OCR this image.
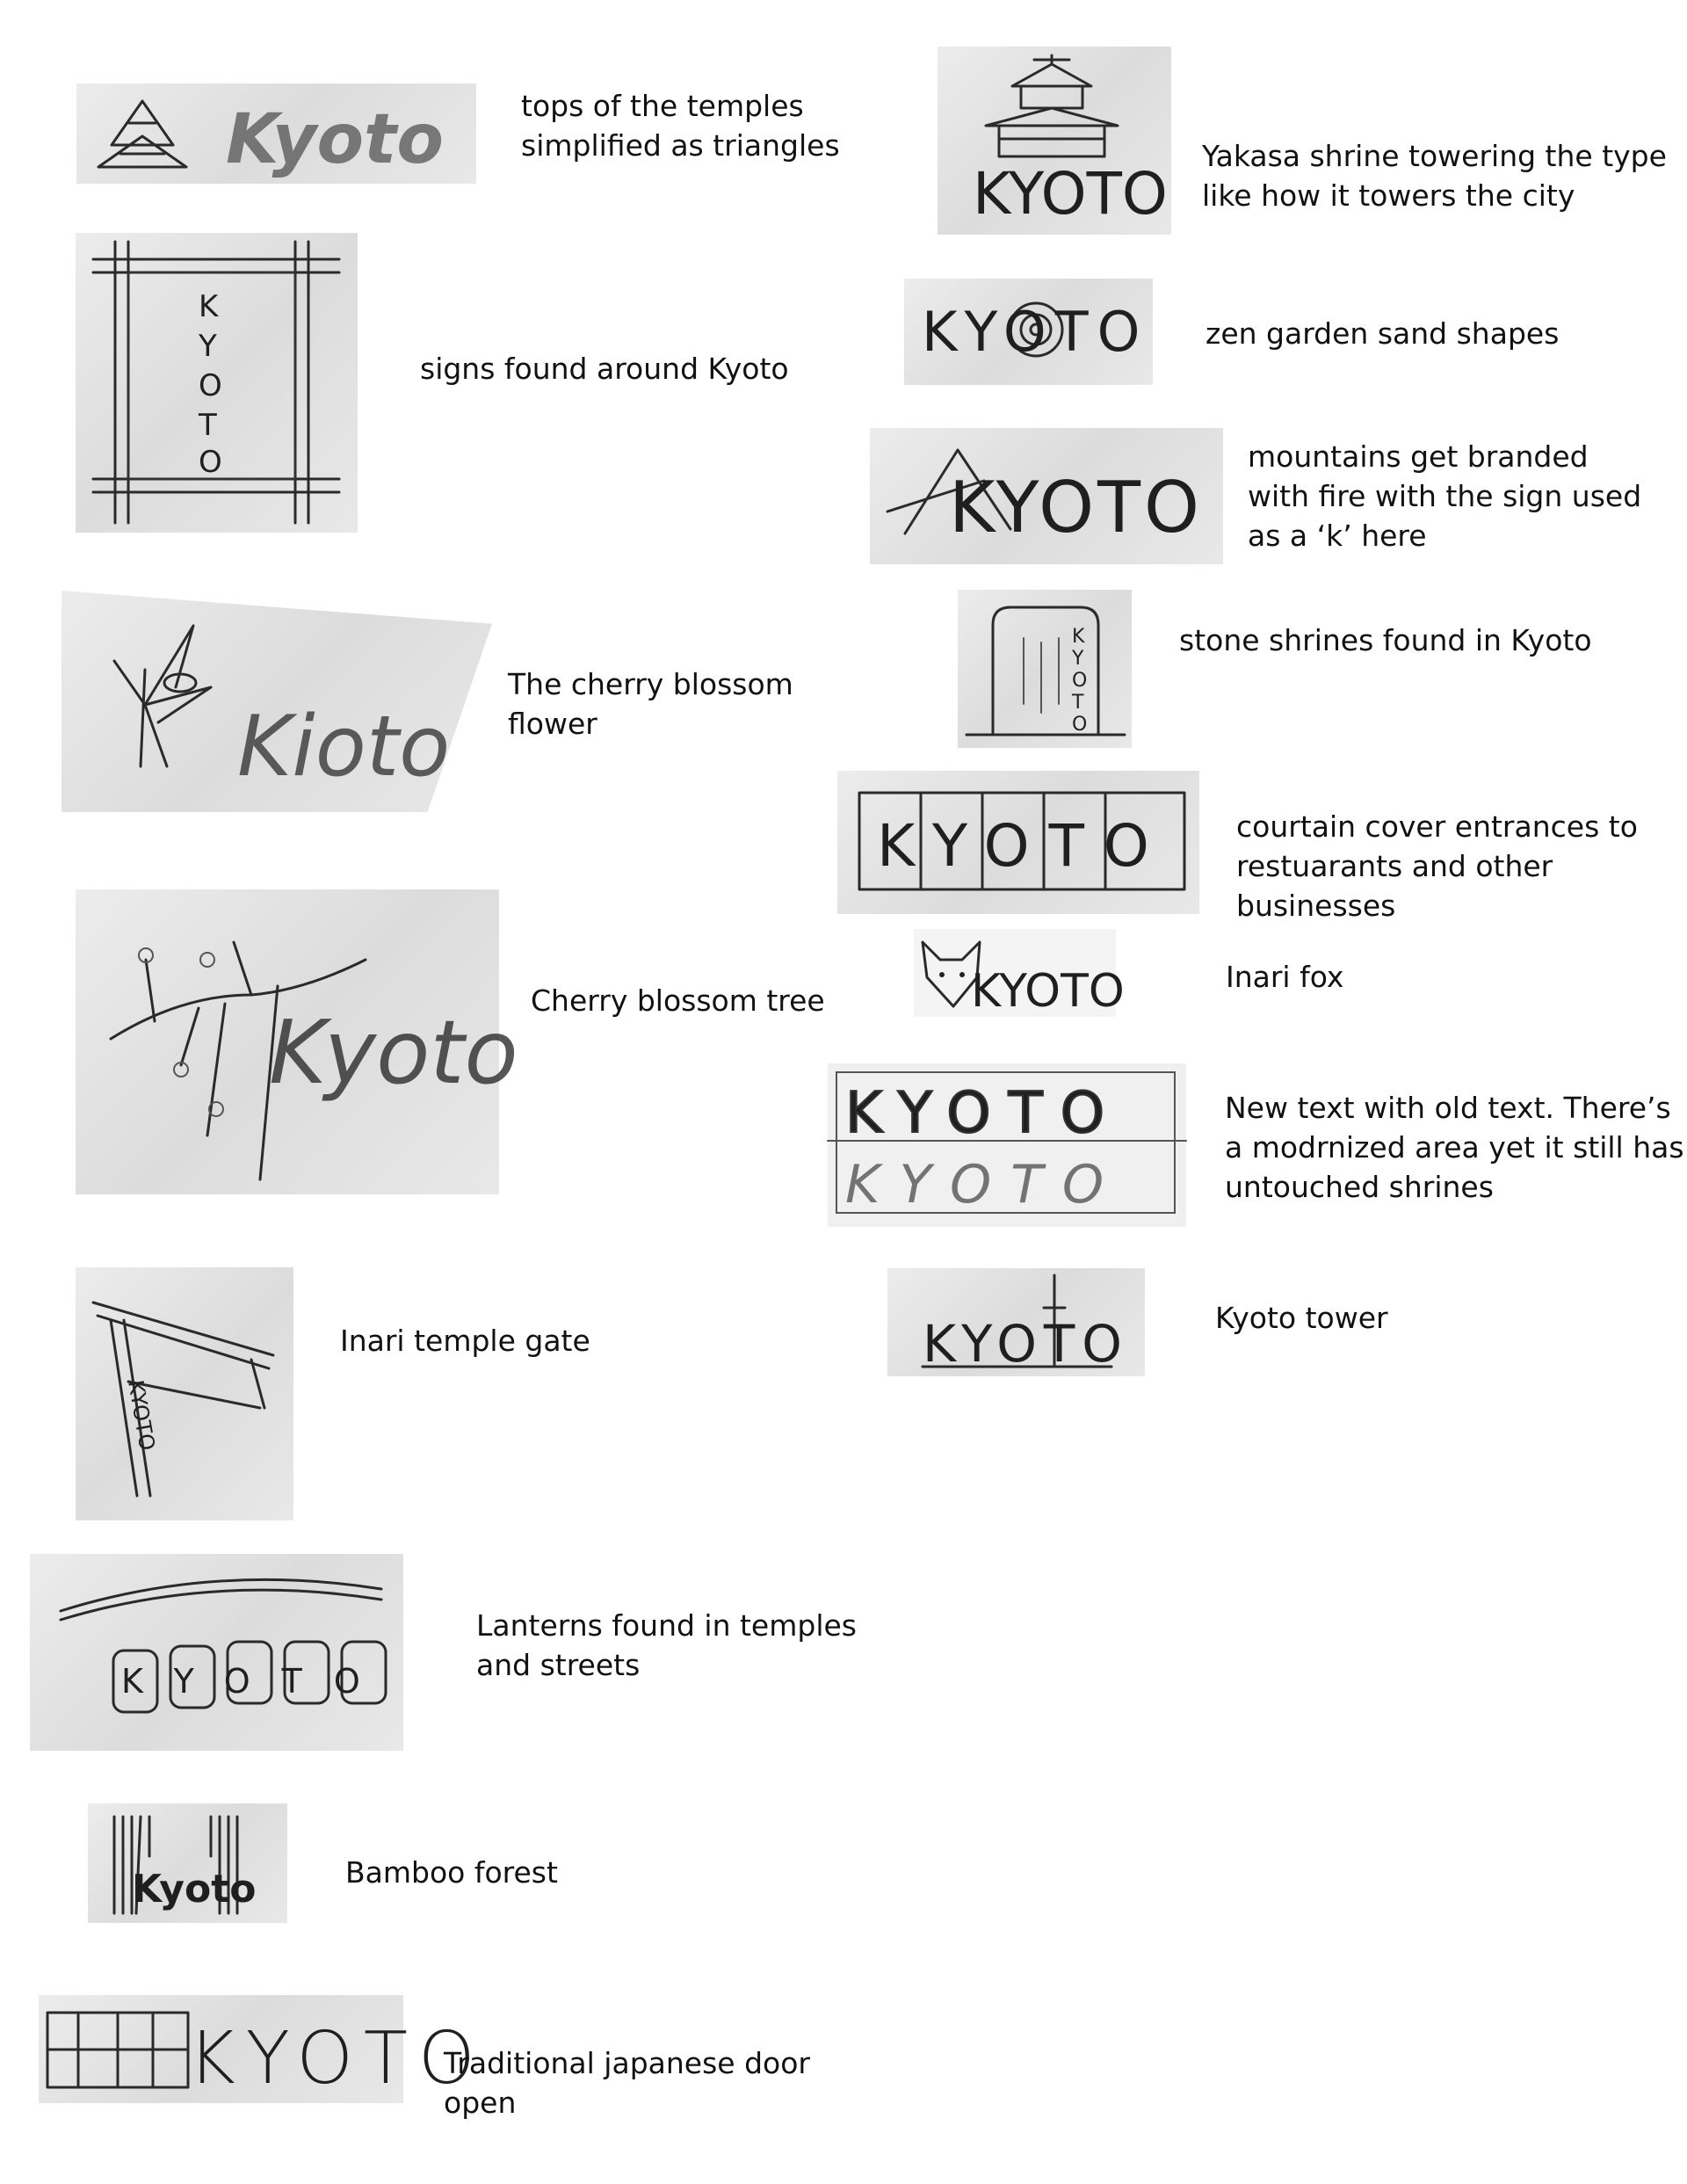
Kyoto	tops of the temples
simplified as triangles
K
Y
O
T
O
signs found around Kyoto
Kioto
The cherry blossom
flower
Kyoto
Cherry blossom tree
KYOTO
Inari temple gate
KYOTO
Lanterns found in temples
and streets
Kyoto	Bamboo forest
KYOTO
Traditional japanese door
open
KYOTO
Yakasa shrine towering the type
like how it towers the city
KYOTO zen garden sand shapes
KYOTO
mountains get branded
with fire with the sign used
as a ‘k’ here
K
Y
O
T
O
stone shrines found in Kyoto
KYOTO courtain cover entrances to
restuarants and other
businesses
KYOTO	Inari fox
KYOTO
KYOTO
New text with old text. There’s
a modrnized area yet it still has
untouched shrines
KYOTO	Kyoto tower
